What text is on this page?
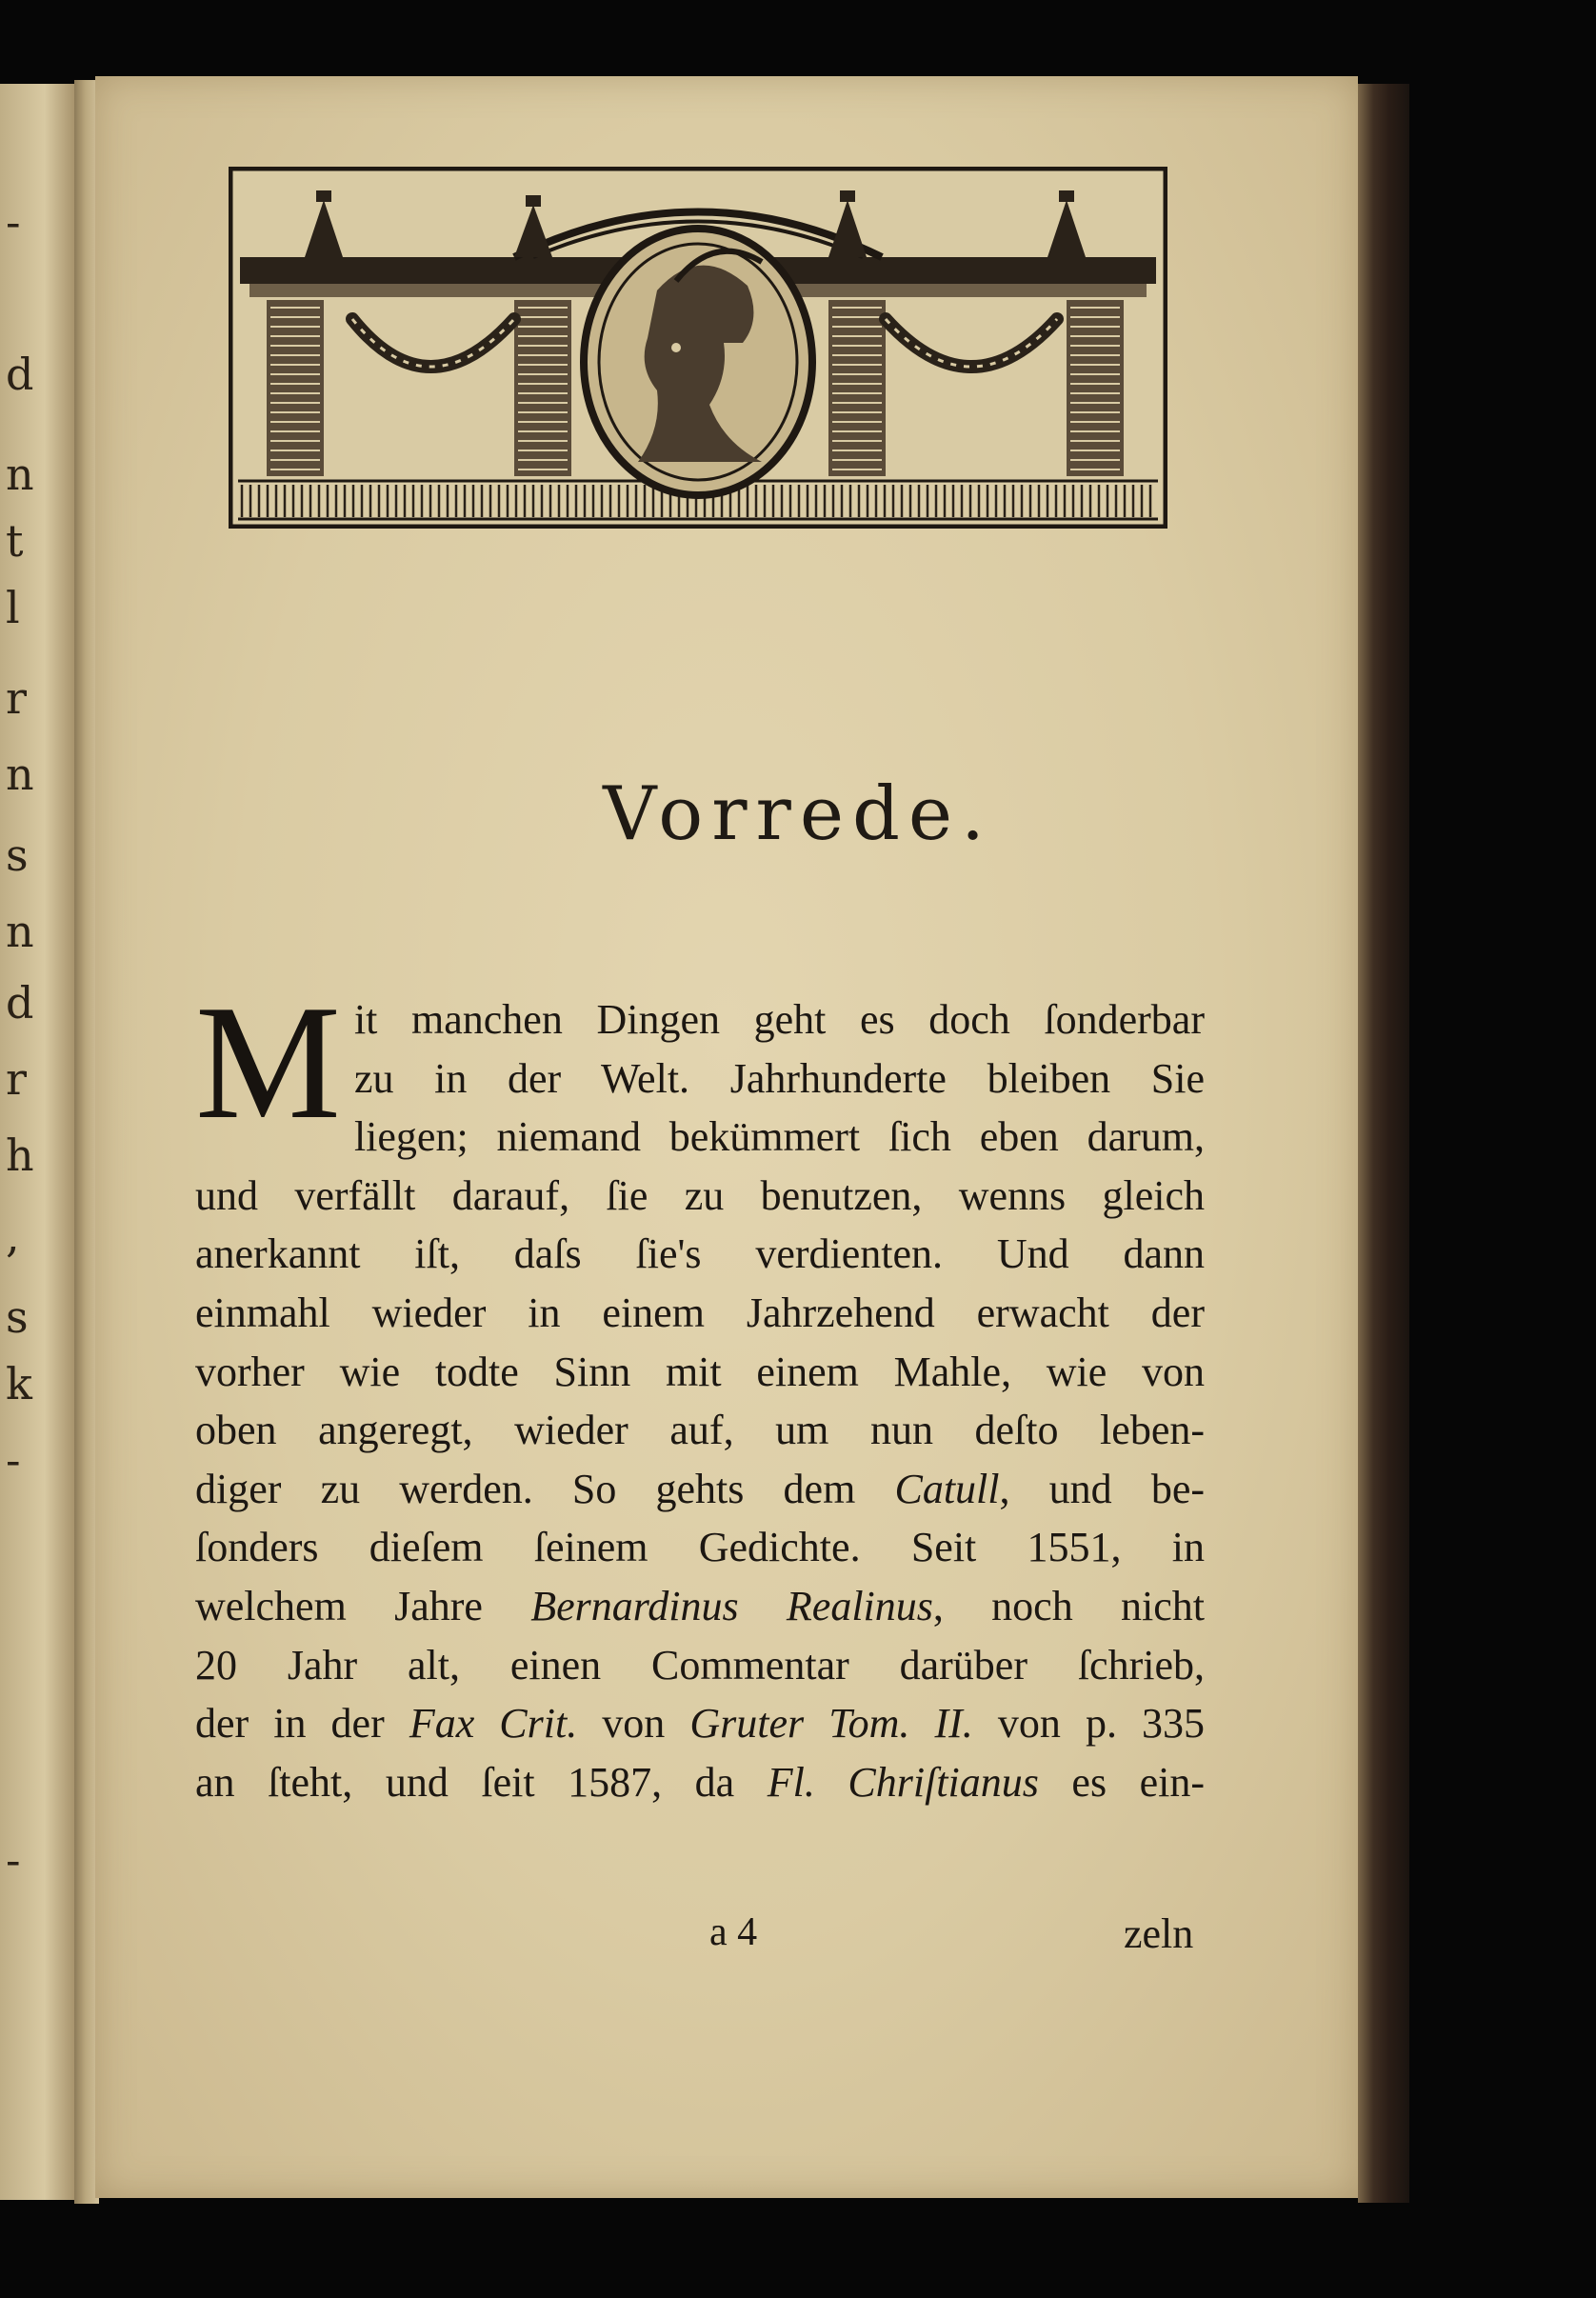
-
d
n
t
l
r
n
s
n
d
r
h
,
s
k
-
-
Vorrede.
M it manchen Dingen geht es doch ſonderbar

zu in der Welt. Jahrhunderte bleiben Sie

liegen; niemand bekümmert ſich eben darum,

und verfällt darauf, ſie zu benutzen, wenns gleich

anerkannt iſt, daſs ſie's verdienten. Und dann

einmahl wieder in einem Jahrzehend erwacht der

vorher wie todte Sinn mit einem Mahle, wie von

oben angeregt, wieder auf, um nun deſto leben-

diger zu werden. So gehts dem Catull, und be-

ſonders dieſem ſeinem Gedichte. Seit 1551, in

welchem Jahre Bernardinus Realinus, noch nicht

20 Jahr alt, einen Commentar darüber ſchrieb,

der in der Fax Crit. von Gruter Tom. II. von p. 335

an ſteht, und ſeit 1587, da Fl. Chriſtianus es ein-

a 4	zeln
